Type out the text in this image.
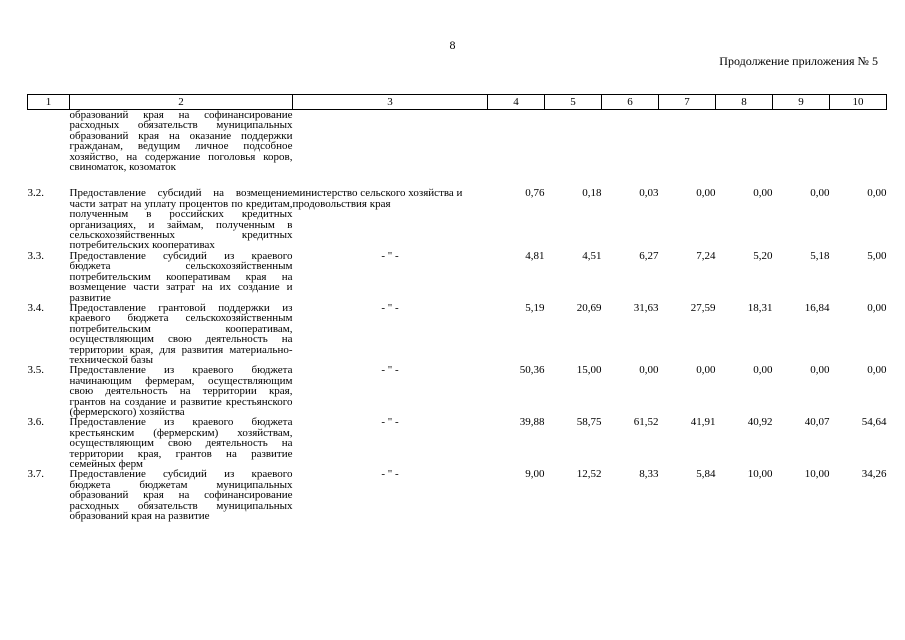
8
Продолжение приложения № 5
1	2	3	4	5	6	7	8	9	10
	образований края на софинансирование расходных обязательств муниципальных образований края на оказание поддержки гражданам, ведущим личное подсобное хозяйство, на содержание поголовья коров, свиноматок, козоматок								
3.2.	Предоставление субсидий на возмещение части затрат на уплату процентов по кредитам, полученным в российских кредитных организациях, и займам, полученным в сельскохозяйственных кредитных потребительских кооперативах	министерство сельского хозяйства и продовольствия края	0,76	0,18	0,03	0,00	0,00	0,00	0,00
3.3.	Предоставление субсидий из краевого бюджета сельскохозяйственным потребительским кооперативам края на возмещение части затрат на их создание и развитие	- " -	4,81	4,51	6,27	7,24	5,20	5,18	5,00
3.4.	Предоставление грантовой поддержки из краевого бюджета сельскохозяйственным потребительским кооперативам, осуществляющим свою деятельность на территории края, для развития материально-технической базы	- " -	5,19	20,69	31,63	27,59	18,31	16,84	0,00
3.5.	Предоставление из краевого бюджета начинающим фермерам, осуществляющим свою деятельность на территории края, грантов на создание и развитие крестьянского (фермерского) хозяйства	- " -	50,36	15,00	0,00	0,00	0,00	0,00	0,00
3.6.	Предоставление из краевого бюджета крестьянским (фермерским) хозяйствам, осуществляющим свою деятельность на территории края, грантов на развитие семейных ферм	- " -	39,88	58,75	61,52	41,91	40,92	40,07	54,64
3.7.	Предоставление субсидий из краевого бюджета бюджетам муниципальных образований края на софинансирование расходных обязательств муниципальных образований края на развитие	- " -	9,00	12,52	8,33	5,84	10,00	10,00	34,26
